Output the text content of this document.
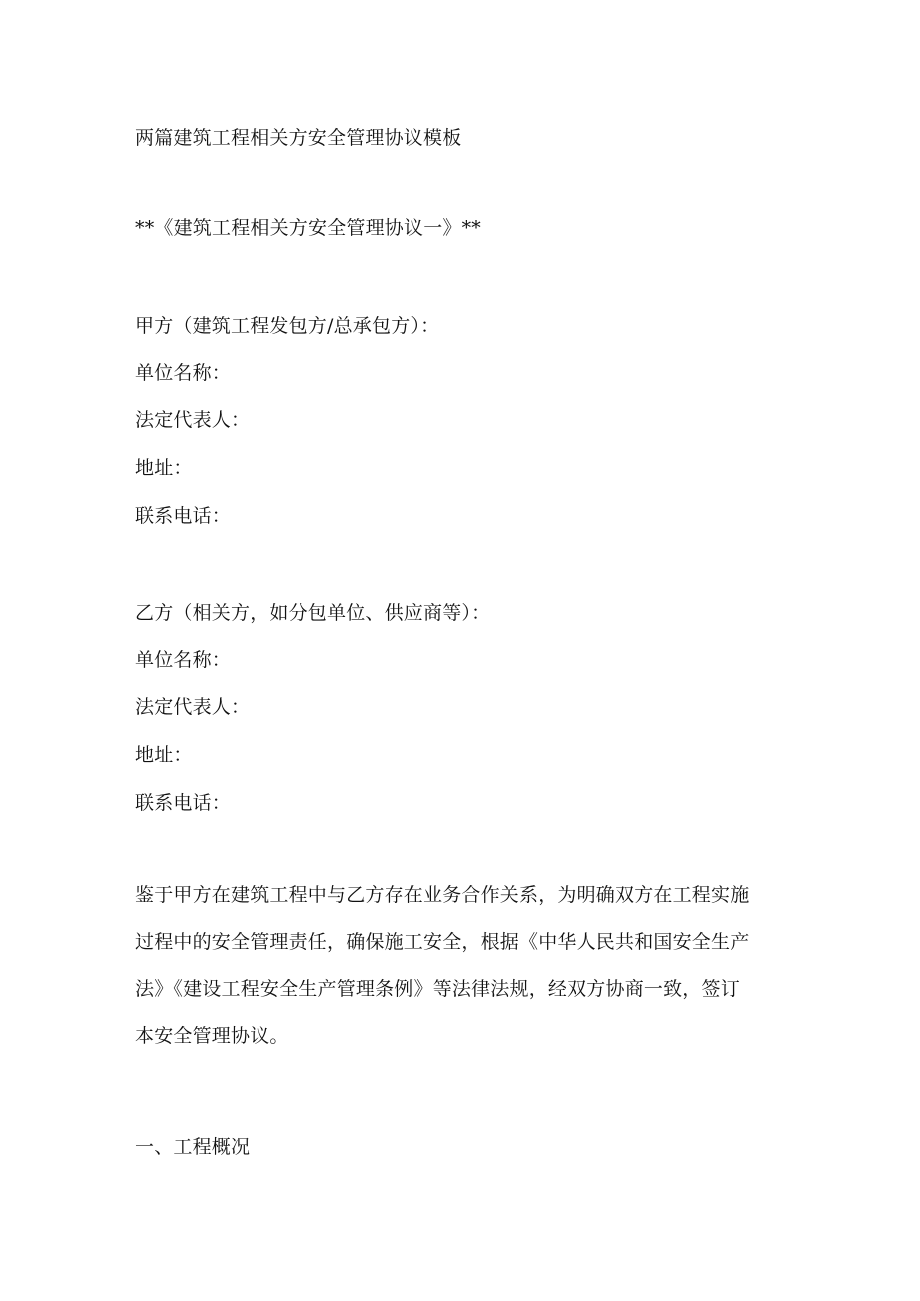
两篇建筑工程相关方安全管理协议模板
**《建筑工程相关方安全管理协议一》**
甲方（建筑工程发包方/总承包方）：
单位名称：
法定代表人：
地址：
联系电话：
乙方（相关方，如分包单位、供应商等）：
单位名称：
法定代表人：
地址：
联系电话：
鉴于甲方在建筑工程中与乙方存在业务合作关系，为明确双方在工程实施
过程中的安全管理责任，确保施工安全，根据《中华人民共和国安全生产
法》《建设工程安全生产管理条例》等法律法规，经双方协商一致，签订
本安全管理协议。
一、工程概况
